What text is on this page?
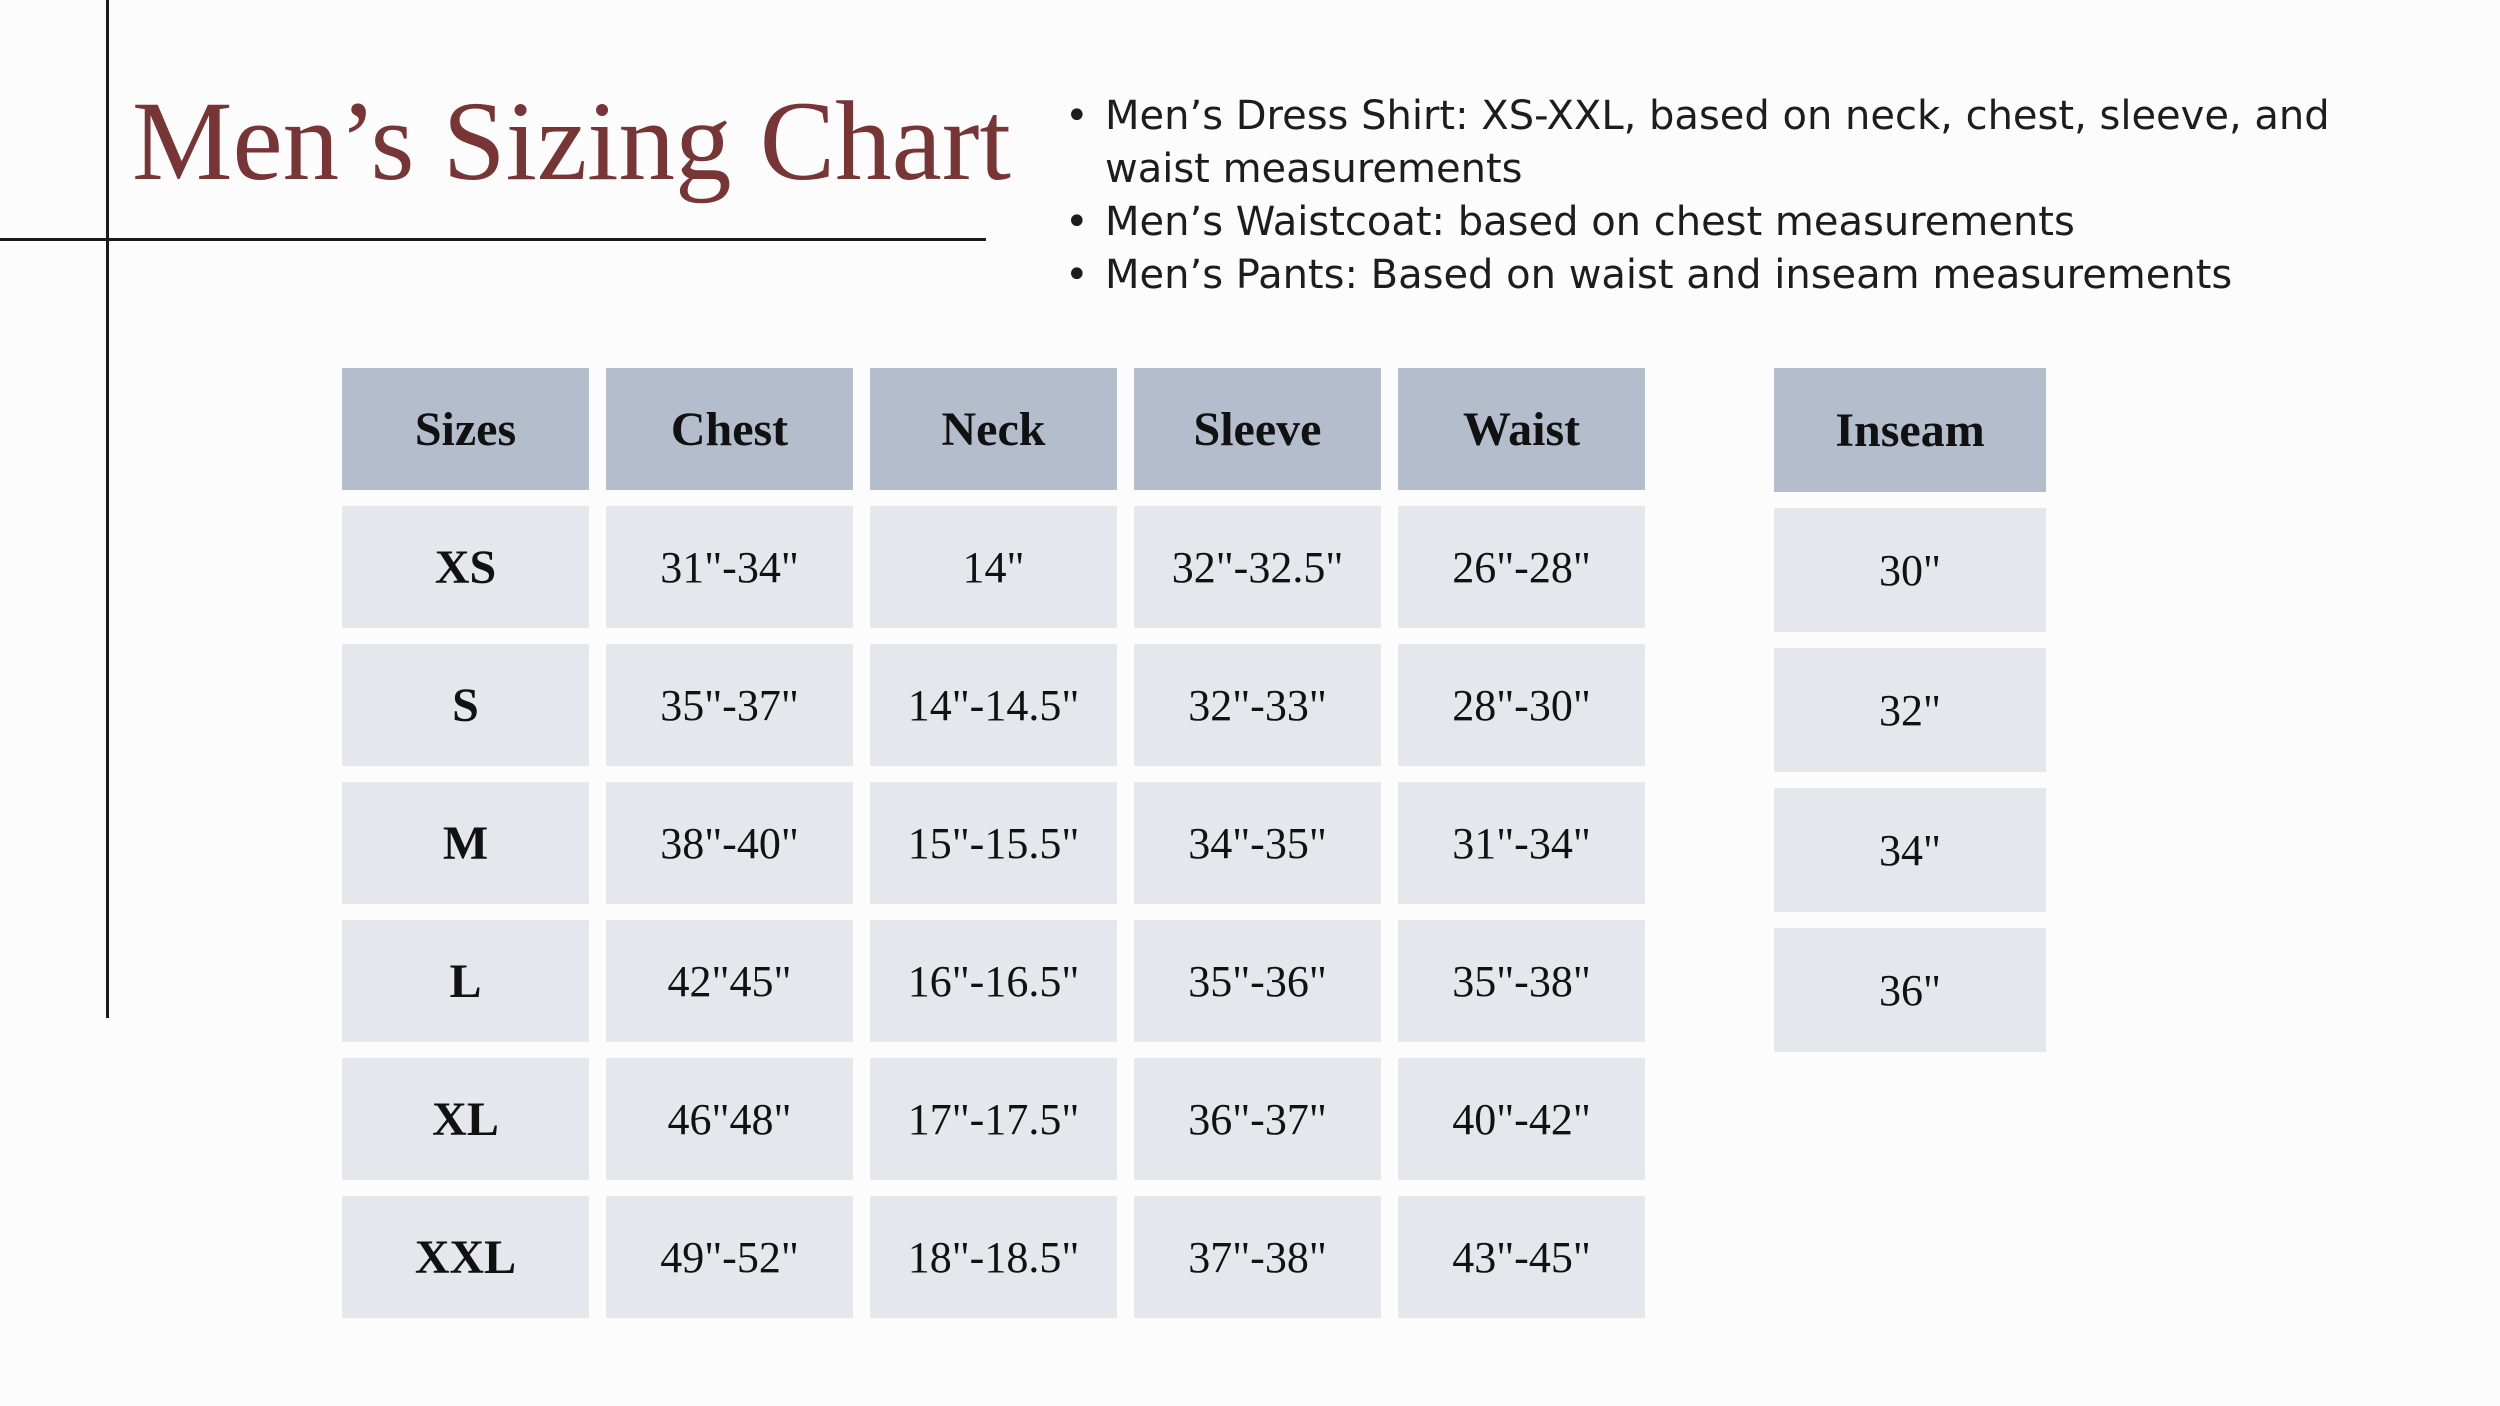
Men’s Sizing Chart
•	Men’s Dress Shirt: XS-XXL, based on neck, chest, sleeve, and waist measurements
• Men’s Waistcoat: based on chest measurements
• Men’s Pants: Based on waist and inseam measurements
Sizes	Chest	Neck	Sleeve	Waist
XS	31"-34"	14"	32"-32.5"	26"-28"
S	35"-37"	14"-14.5"	32"-33"	28"-30"
M	38"-40"	15"-15.5"	34"-35"	31"-34"
L	42"45"	16"-16.5"	35"-36"	35"-38"
XL	46"48"	17"-17.5"	36"-37"	40"-42"
XXL	49"-52"	18"-18.5"	37"-38"	43"-45"
Inseam
30"
32"
34"
36"
